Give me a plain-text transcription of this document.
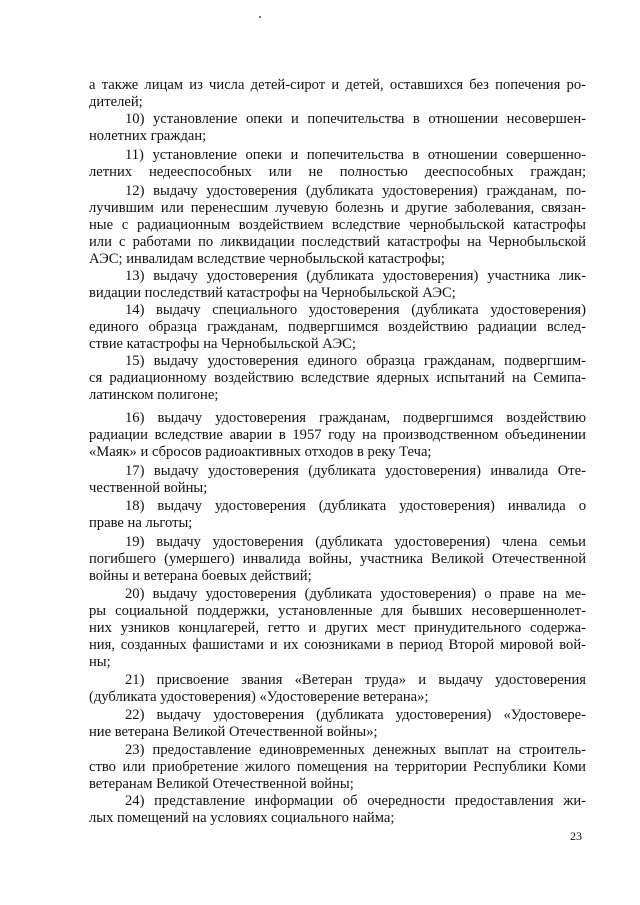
а также лицам из числа детей-сирот и детей, оставшихся без попечения ро-
дителей;
10) установление опеки и попечительства в отношении несовершен-
нолетних граждан;
11) установление опеки и попечительства в отношении совершенно-
летних недееспособных или не полностью дееспособных граждан;
12) выдачу удостоверения (дубликата удостоверения) гражданам, по-
лучившим или перенесшим лучевую болезнь и другие заболевания, связан-
ные с радиационным воздействием вследствие чернобыльской катастрофы
или с работами по ликвидации последствий катастрофы на Чернобыльской
АЭС; инвалидам вследствие чернобыльской катастрофы;
13) выдачу удостоверения (дубликата удостоверения) участника лик-
видации последствий катастрофы на Чернобыльской АЭС;
14) выдачу специального удостоверения (дубликата удостоверения)
единого образца гражданам, подвергшимся воздействию радиации вслед-
ствие катастрофы на Чернобыльской АЭС;
15) выдачу удостоверения единого образца гражданам, подвергшим-
ся радиационному воздействию вследствие ядерных испытаний на Семипа-
латинском полигоне;
16) выдачу удостоверения гражданам, подвергшимся воздействию
радиации вследствие аварии в 1957 году на производственном объединении
«Маяк» и сбросов радиоактивных отходов в реку Теча;
17) выдачу удостоверения (дубликата удостоверения) инвалида Оте-
чественной войны;
18) выдачу удостоверения (дубликата удостоверения) инвалида о
праве на льготы;
19) выдачу удостоверения (дубликата удостоверения) члена семьи
погибшего (умершего) инвалида войны, участника Великой Отечественной
войны и ветерана боевых действий;
20) выдачу удостоверения (дубликата удостоверения) о праве на ме-
ры социальной поддержки, установленные для бывших несовершеннолет-
них узников концлагерей, гетто и других мест принудительного содержа-
ния, созданных фашистами и их союзниками в период Второй мировой вой-
ны;
21) присвоение звания «Ветеран труда» и выдачу удостоверения
(дубликата удостоверения) «Удостоверение ветерана»;
22) выдачу удостоверения (дубликата удостоверения) «Удостовере-
ние ветерана Великой Отечественной войны»;
23) предоставление единовременных денежных выплат на строитель-
ство или приобретение жилого помещения на территории Республики Коми
ветеранам Великой Отечественной войны;
24) представление информации об очередности предоставления жи-
лых помещений на условиях социального найма;
23
